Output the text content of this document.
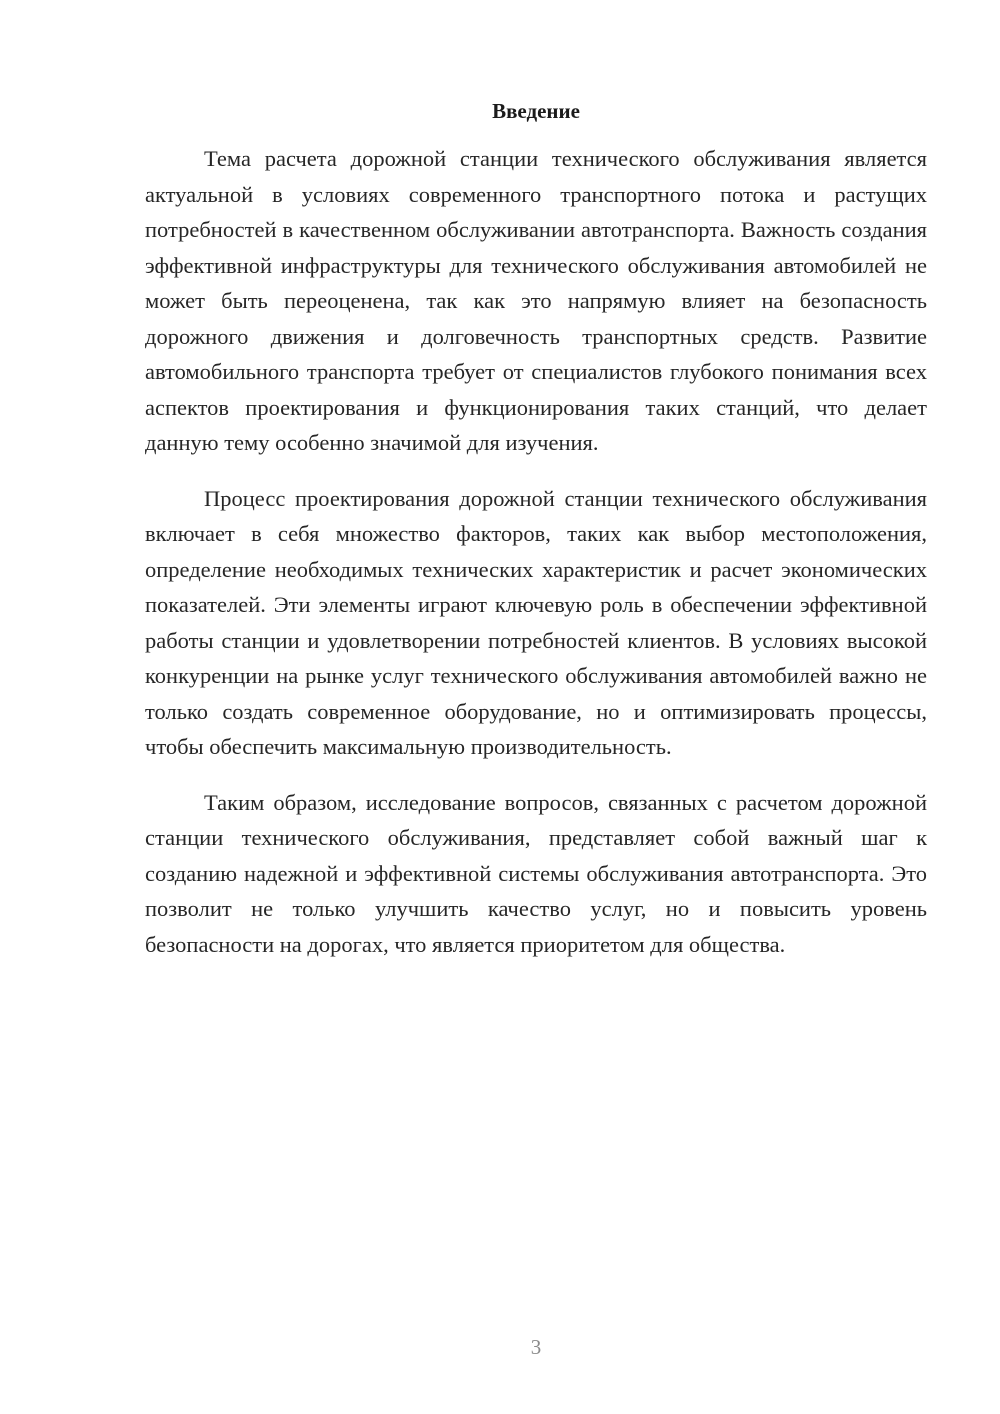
Введение

Тема расчета дорожной станции технического обслуживания является актуальной в условиях современного транспортного потока и растущих потребностей в качественном обслуживании автотранспорта. Важность создания эффективной инфраструктуры для технического обслуживания автомобилей не может быть переоценена, так как это напрямую влияет на безопасность дорожного движения и долговечность транспортных средств. Развитие автомобильного транспорта требует от специалистов глубокого понимания всех аспектов проектирования и функционирования таких станций, что делает данную тему особенно значимой для изучения.

Процесс проектирования дорожной станции технического обслуживания включает в себя множество факторов, таких как выбор местоположения, определение необходимых технических характеристик и расчет экономических показателей. Эти элементы играют ключевую роль в обеспечении эффективной работы станции и удовлетворении потребностей клиентов. В условиях высокой конкуренции на рынке услуг технического обслуживания автомобилей важно не только создать современное оборудование, но и оптимизировать процессы, чтобы обеспечить максимальную производительность.

Таким образом, исследование вопросов, связанных с расчетом дорожной станции технического обслуживания, представляет собой важный шаг к созданию надежной и эффективной системы обслуживания автотранспорта. Это позволит не только улучшить качество услуг, но и повысить уровень безопасности на дорогах, что является приоритетом для общества.

3
